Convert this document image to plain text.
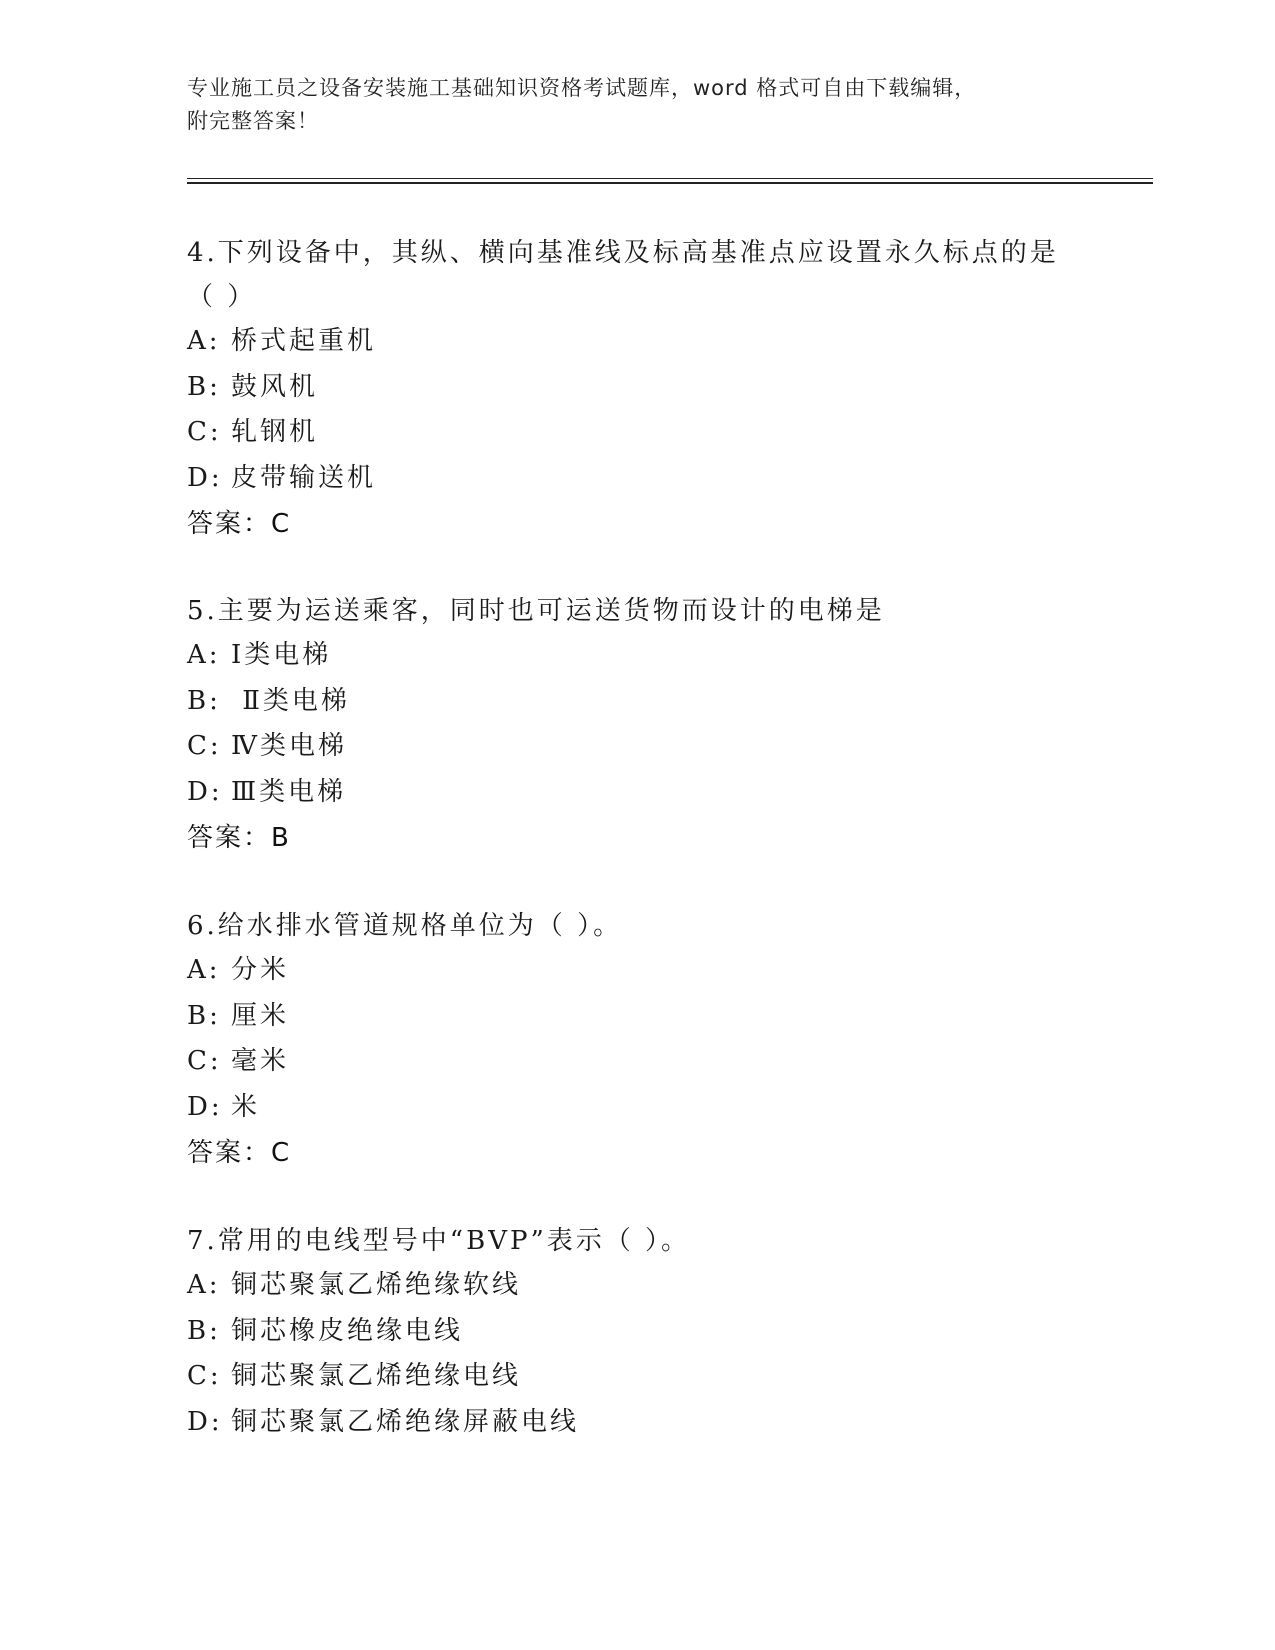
专业施工员之设备安装施工基础知识资格考试题库，word 格式可自由下载编辑，
附完整答案！
4.下列设备中，其纵、横向基准线及标高基准点应设置永久标点的是
（ ）
A: 桥式起重机
B: 鼓风机
C: 轧钢机
D: 皮带输送机
答案：C
5.主要为运送乘客，同时也可运送货物而设计的电梯是
A: Ⅰ类电梯
B: Ⅱ类电梯
C: Ⅳ类电梯
D: Ⅲ类电梯
答案：B
6.给水排水管道规格单位为（ ）。
A: 分米
B: 厘米
C: 毫米
D: 米
答案：C
7.常用的电线型号中“BVP”表示（ ）。
A: 铜芯聚氯乙烯绝缘软线
B: 铜芯橡皮绝缘电线
C: 铜芯聚氯乙烯绝缘电线
D: 铜芯聚氯乙烯绝缘屏蔽电线
